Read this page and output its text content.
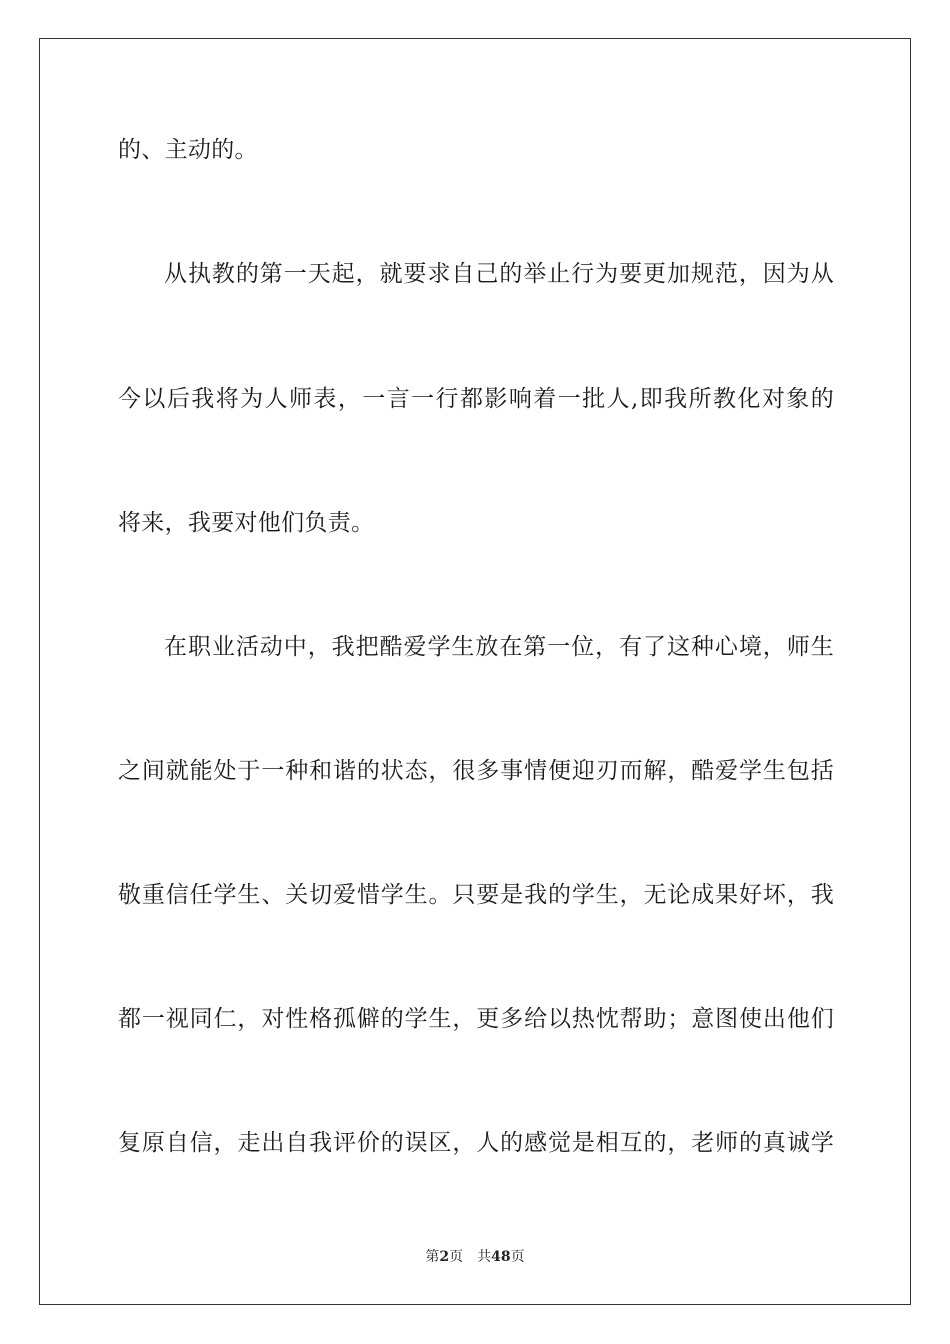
的、主动的。
从执教的第一天起，就要求自己的举止行为要更加规范，因为从
今以后我将为人师表，一言一行都影响着一批人,即我所教化对象的
将来，我要对他们负责。
在职业活动中，我把酷爱学生放在第一位，有了这种心境，师生
之间就能处于一种和谐的状态，很多事情便迎刃而解，酷爱学生包括
敬重信任学生、关切爱惜学生。只要是我的学生，无论成果好坏，我
都一视同仁，对性格孤僻的学生，更多给以热忱帮助；意图使出他们
复原自信，走出自我评价的误区，人的感觉是相互的，老师的真诚学
第2页 共48页
